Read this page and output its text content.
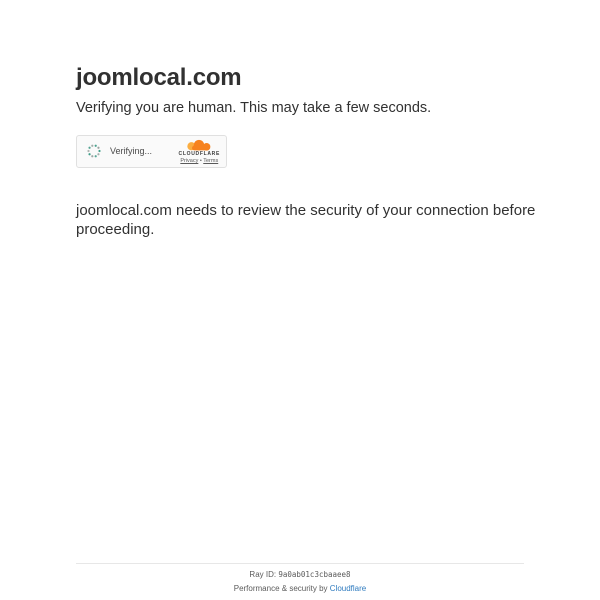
joomlocal.com

Verifying you are human. This may take a few seconds.

Verifying...	CLOUDFLARE
Privacy • Terms

joomlocal.com needs to review the security of your connection before proceeding.

Ray ID: 9a0ab01c3cbaaee8
Performance & security by Cloudflare
